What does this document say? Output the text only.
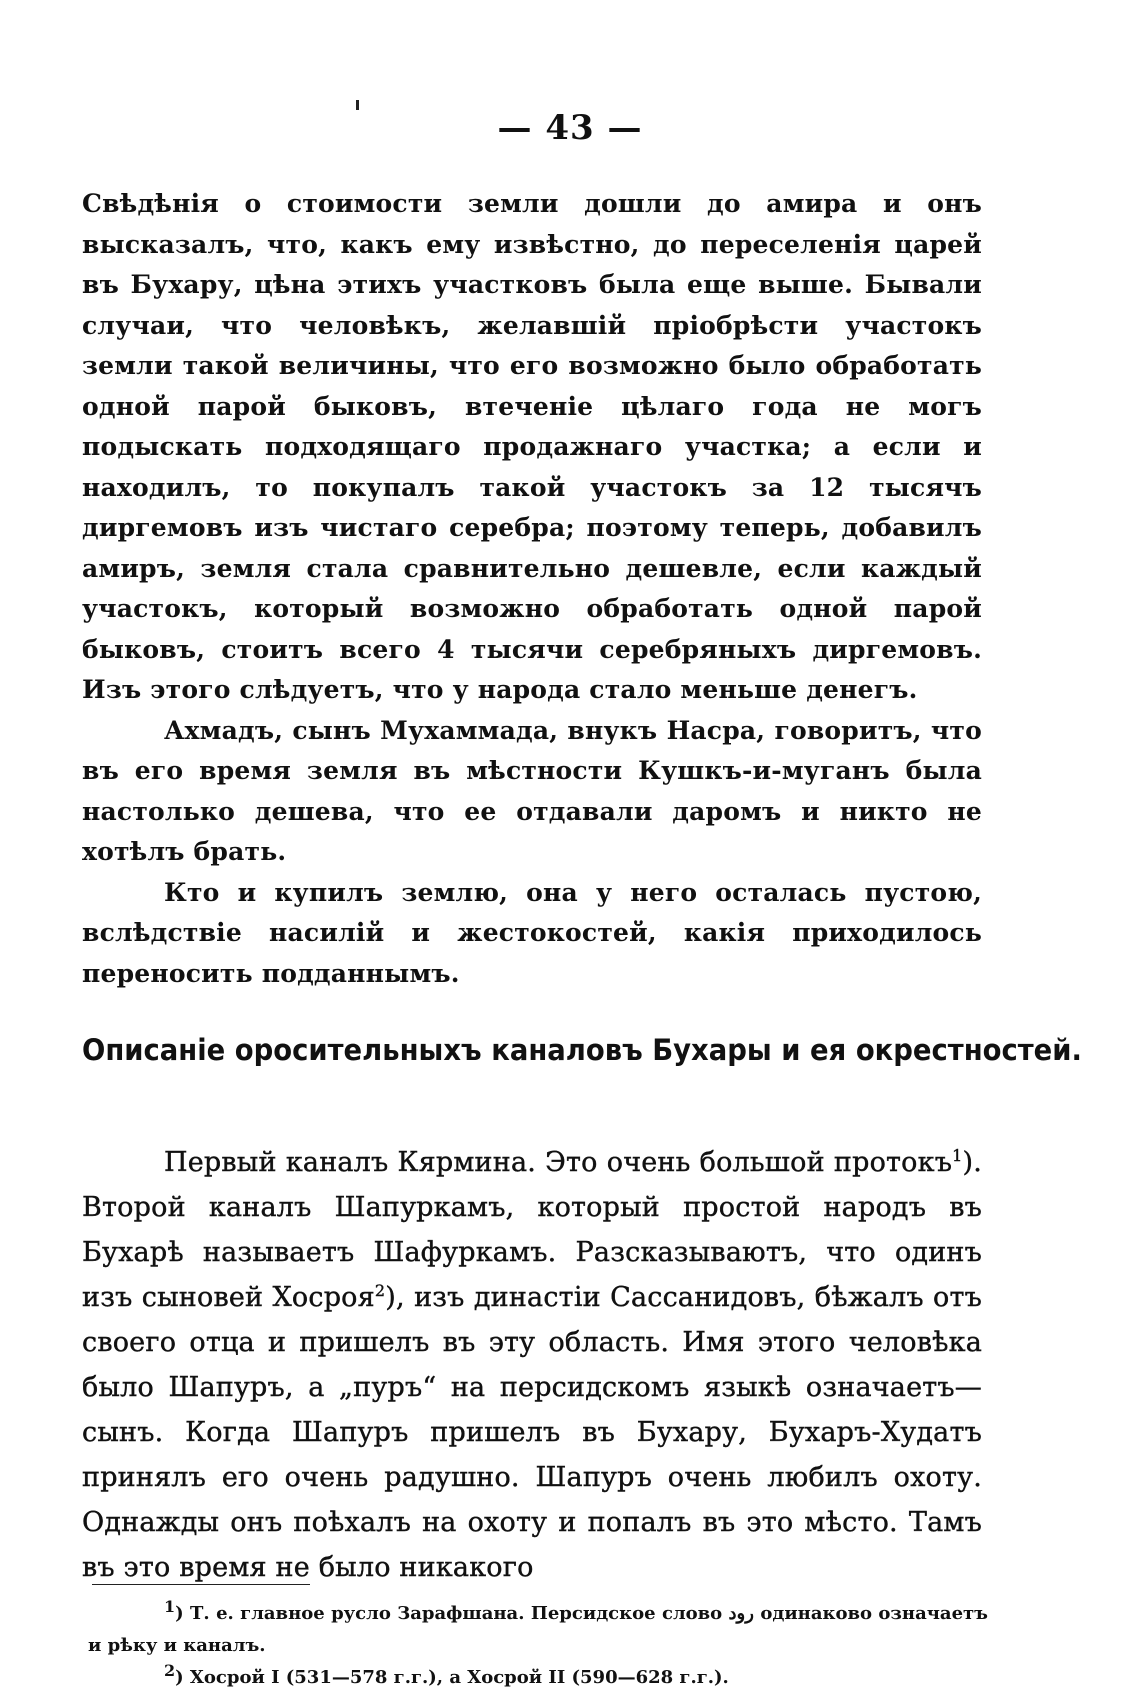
— 43 —

Свѣдѣнія о стоимости земли дошли до амира и онъ высказалъ, что, какъ ему извѣстно, до переселенія царей въ Бухару, цѣна этихъ участковъ была еще выше. Бывали случаи, что человѣкъ, желавшій пріобрѣсти участокъ земли такой величины, что его возможно было обработать одной парой быковъ, втеченіе цѣлаго года не могъ подыскать подходящаго продажнаго участка; а если и находилъ, то покупалъ такой участокъ за 12 тысячъ диргемовъ изъ чистаго серебра; поэтому теперь, добавилъ амиръ, земля стала сравнительно дешевле, если каждый участокъ, который возможно обработать одной парой быковъ, стоитъ всего 4 тысячи серебряныхъ диргемовъ. Изъ этого слѣдуетъ, что у народа стало меньше денегъ.

Ахмадъ, сынъ Мухаммада, внукъ Насра, говоритъ, что въ его время земля въ мѣстности Кушкъ-и-муганъ была настолько дешева, что ее отдавали даромъ и никто не хотѣлъ брать.

Кто и купилъ землю, она у него осталась пустою, вслѣдствіе насилій и жестокостей, какія приходилось переносить подданнымъ.

Описаніе оросительныхъ каналовъ Бухары и ея окрестностей.

Первый каналъ Кярмина. Это очень большой протокъ$^1$). Второй каналъ Шапуркамъ, который простой народъ въ Бухарѣ называетъ Шафуркамъ. Разсказываютъ, что одинъ изъ сыновей Хосроя$^2$), изъ династіи Сассанидовъ, бѣжалъ отъ своего отца и пришелъ въ эту область. Имя этого человѣка было Шапуръ, а „пуръ“ на персидскомъ языкѣ означаетъ—сынъ. Когда Шапуръ пришелъ въ Бухару, Бухаръ-Худатъ принялъ его очень радушно. Шапуръ очень любилъ охоту. Однажды онъ поѣхалъ на охоту и попалъ въ это мѣсто. Тамъ въ это время не было никакого

$^1$) Т. е. главное русло Зарафшана. Персидское слово رود одинаково означаетъ и рѣку и каналъ.

$^2$) Хосрой I (531—578 г.г.), а Хосрой II (590—628 г.г.).
